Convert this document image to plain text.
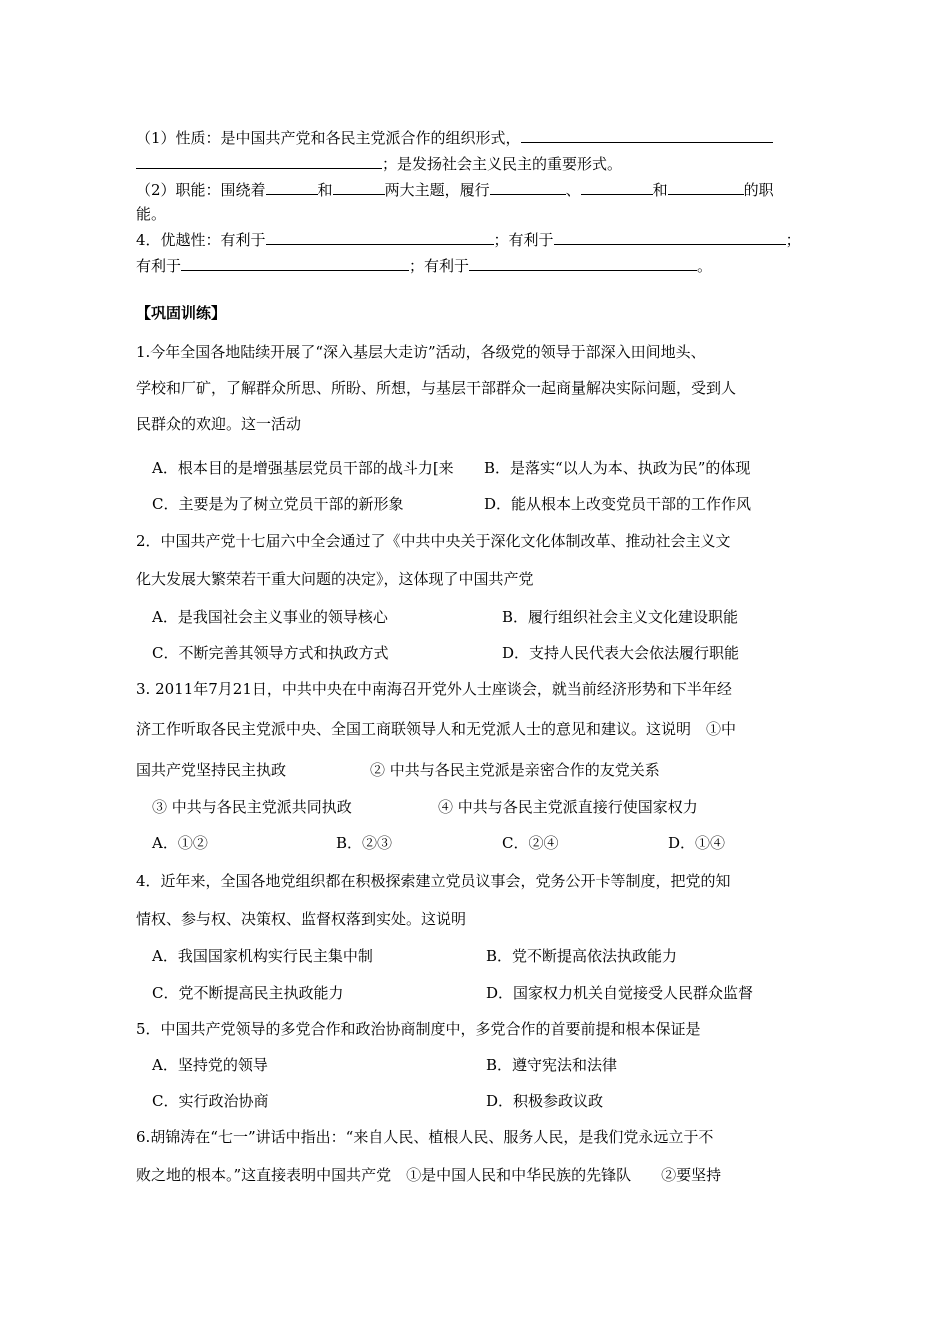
（1）性质：是中国共产党和各民主党派合作的组织形式，
；是发扬社会主义民主的重要形式。
（2）职能：围绕着	和	两大主题，履行	、	和	的职
能。
4．优越性：有利于	；有利于	；
有利于	；有利于	。
【巩固训练】
1.今年全国各地陆续开展了“深入基层大走访”活动，各级党的领导于部深入田间地头、
学校和厂矿，了解群众所思、所盼、所想，与基层干部群众一起商量解决实际问题，受到人
民群众的欢迎。这一活动
A．根本目的是增强基层党员干部的战斗力[来 B．是落实“以人为本、执政为民”的体现
C．主要是为了树立党员干部的新形象	D．能从根本上改变党员干部的工作作风
2．中国共产党十七届六中全会通过了《中共中央关于深化文化体制改革、推动社会主义文
化大发展大繁荣若干重大问题的决定》，这体现了中国共产党
A．是我国社会主义事业的领导核心	B．履行组织社会主义文化建设职能
C．不断完善其领导方式和执政方式	D．支持人民代表大会依法履行职能
3. 2011年7月21日，中共中央在中南海召开党外人士座谈会，就当前经济形势和下半年经
济工作听取各民主党派中央、全国工商联领导人和无党派人士的意见和建议。这说明　①中
国共产党坚持民主执政	② 中共与各民主党派是亲密合作的友党关系
③ 中共与各民主党派共同执政	④ 中共与各民主党派直接行使国家权力
A．①②	B．②③	C．②④	D．①④
4．近年来，全国各地党组织都在积极探索建立党员议事会，党务公开卡等制度，把党的知
情权、参与权、决策权、监督权落到实处。这说明
A．我国国家机构实行民主集中制	B．党不断提高依法执政能力
C．党不断提高民主执政能力	D．国家权力机关自觉接受人民群众监督
5．中国共产党领导的多党合作和政治协商制度中，多党合作的首要前提和根本保证是
A．坚持党的领导	B．遵守宪法和法律
C．实行政治协商	D．积极参政议政
6.胡锦涛在“七一”讲话中指出：“来自人民、植根人民、服务人民，是我们党永远立于不
败之地的根本。”这直接表明中国共产党　①是中国人民和中华民族的先锋队　　②要坚持
